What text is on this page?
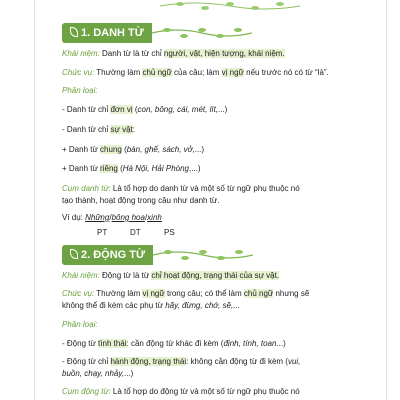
1. DANH TỪ
Khái niệm: Danh từ là từ chỉ người, vật, hiện tượng, khái niệm.
Chức vụ: Thường làm chủ ngữ của câu; làm vị ngữ nếu trước nó có từ “là”.
Phân loại:
- Danh từ chỉ đơn vị (con, bông, cái, mét, lít,...)
- Danh từ chỉ sự vật:
+ Danh từ chung (bàn, ghế, sách, vở,...)
+ Danh từ riêng (Hà Nội, Hải Phòng,...)
Cụm danh từ: Là tổ hợp do danh từ và một số từ ngữ phụ thuộc nó
tạo thành, hoạt động trong câu như danh từ.
Ví dụ: Những/bông hoa/xinh
PT	DT	PS
2. ĐỘNG TỪ
Khái niệm: Động từ là từ chỉ hoạt động, trạng thái của sự vật.
Chức vụ: Thường làm vị ngữ trong câu; có thể làm chủ ngữ nhưng sẽ
không thể đi kèm các phụ từ hãy, đừng, chớ, sẽ,...
Phân loại:
- Động từ tình thái: cần động từ khác đi kèm (định, tính, toan...)
- Động từ chỉ hành động, trạng thái: không cần động từ đi kèm (vui,
buồn, chạy, nhảy,...)
Cụm động từ: Là tổ hợp do động từ và một số từ ngữ phụ thuộc nó
